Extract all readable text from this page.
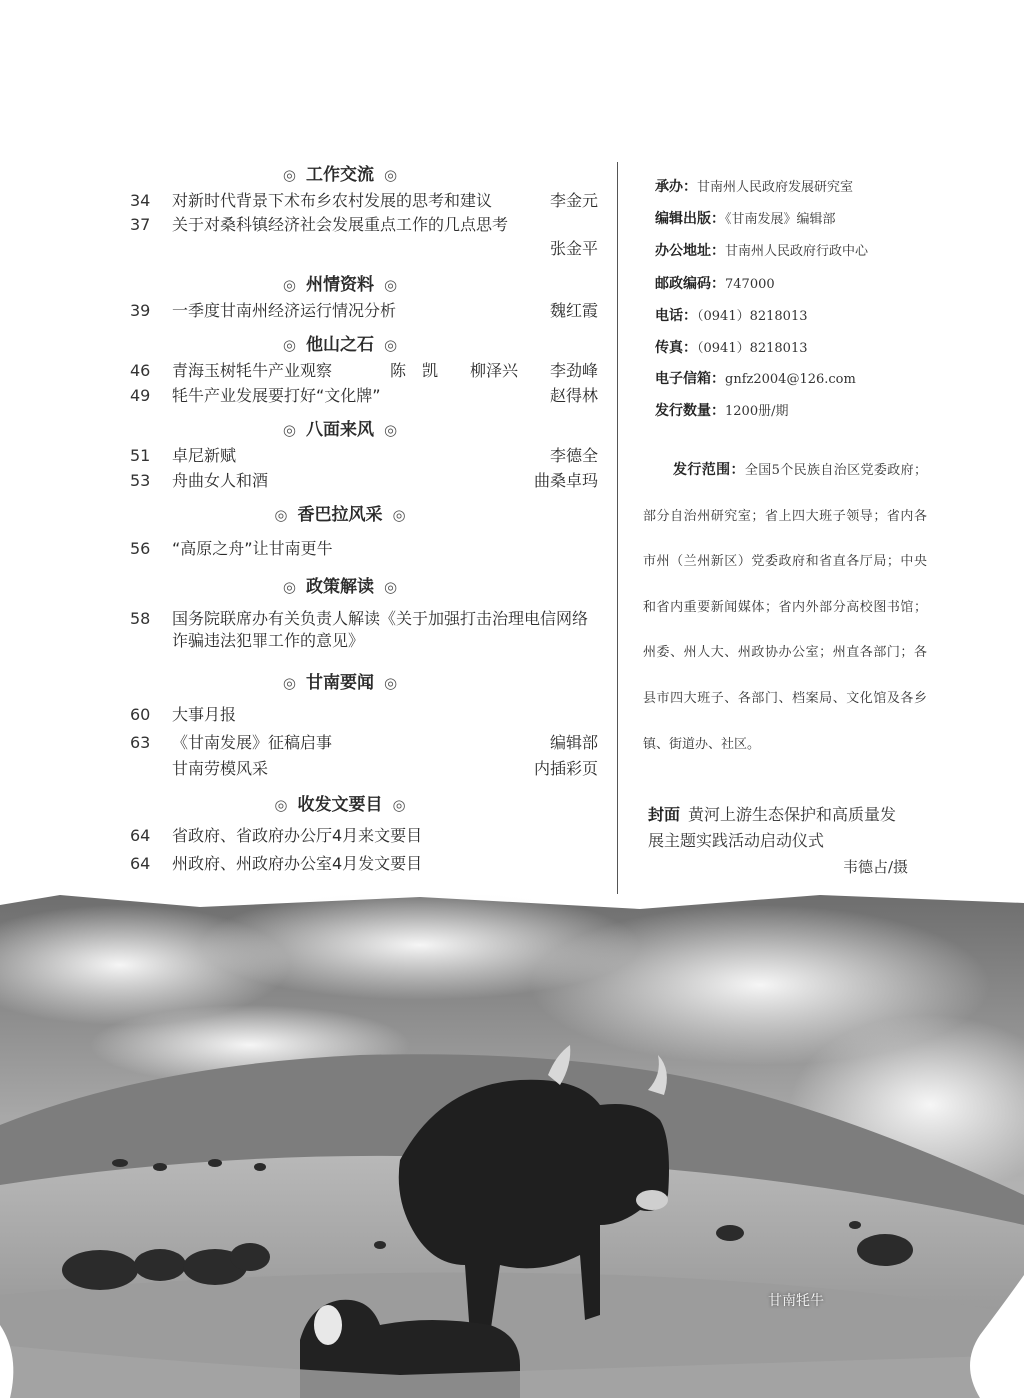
◎ 工作交流 ◎
34	对新时代背景下术布乡农村发展的思考和建议	李金元
37	关于对桑科镇经济社会发展重点工作的几点思考
张金平
◎ 州情资料 ◎
39	一季度甘南州经济运行情况分析	魏红霞
◎ 他山之石 ◎
46	青海玉树牦牛产业观察	陈　凯　　柳泽兴　　李劲峰
49	牦牛产业发展要打好“文化牌”	赵得林
◎ 八面来风 ◎
51	卓尼新赋	李德全
53	舟曲女人和酒	曲桑卓玛
◎ 香巴拉风采 ◎
56	“高原之舟”让甘南更牛
◎ 政策解读 ◎
58	国务院联席办有关负责人解读《关于加强打击治理电信网络诈骗违法犯罪工作的意见》
◎ 甘南要闻 ◎
60	大事月报
63	《甘南发展》征稿启事	编辑部
甘南劳模风采	内插彩页
◎ 收发文要目 ◎
64	省政府、省政府办公厅4月来文要目
64	州政府、州政府办公室4月发文要目
承办：甘南州人民政府发展研究室
编辑出版：《甘南发展》编辑部
办公地址：甘南州人民政府行政中心
邮政编码：747000
电话：（0941）8218013
传真：（0941）8218013
电子信箱：gnfz2004@126.com
发行数量：1200册/期
发行范围：全国5个民族自治区党委政府；部分自治州研究室；省上四大班子领导；省内各市州（兰州新区）党委政府和省直各厅局；中央和省内重要新闻媒体；省内外部分高校图书馆；州委、州人大、州政协办公室；州直各部门；各县市四大班子、各部门、档案局、文化馆及各乡镇、街道办、社区。
封面 黄河上游生态保护和高质量发展主题实践活动启动仪式
韦德占/摄
甘南牦牛
